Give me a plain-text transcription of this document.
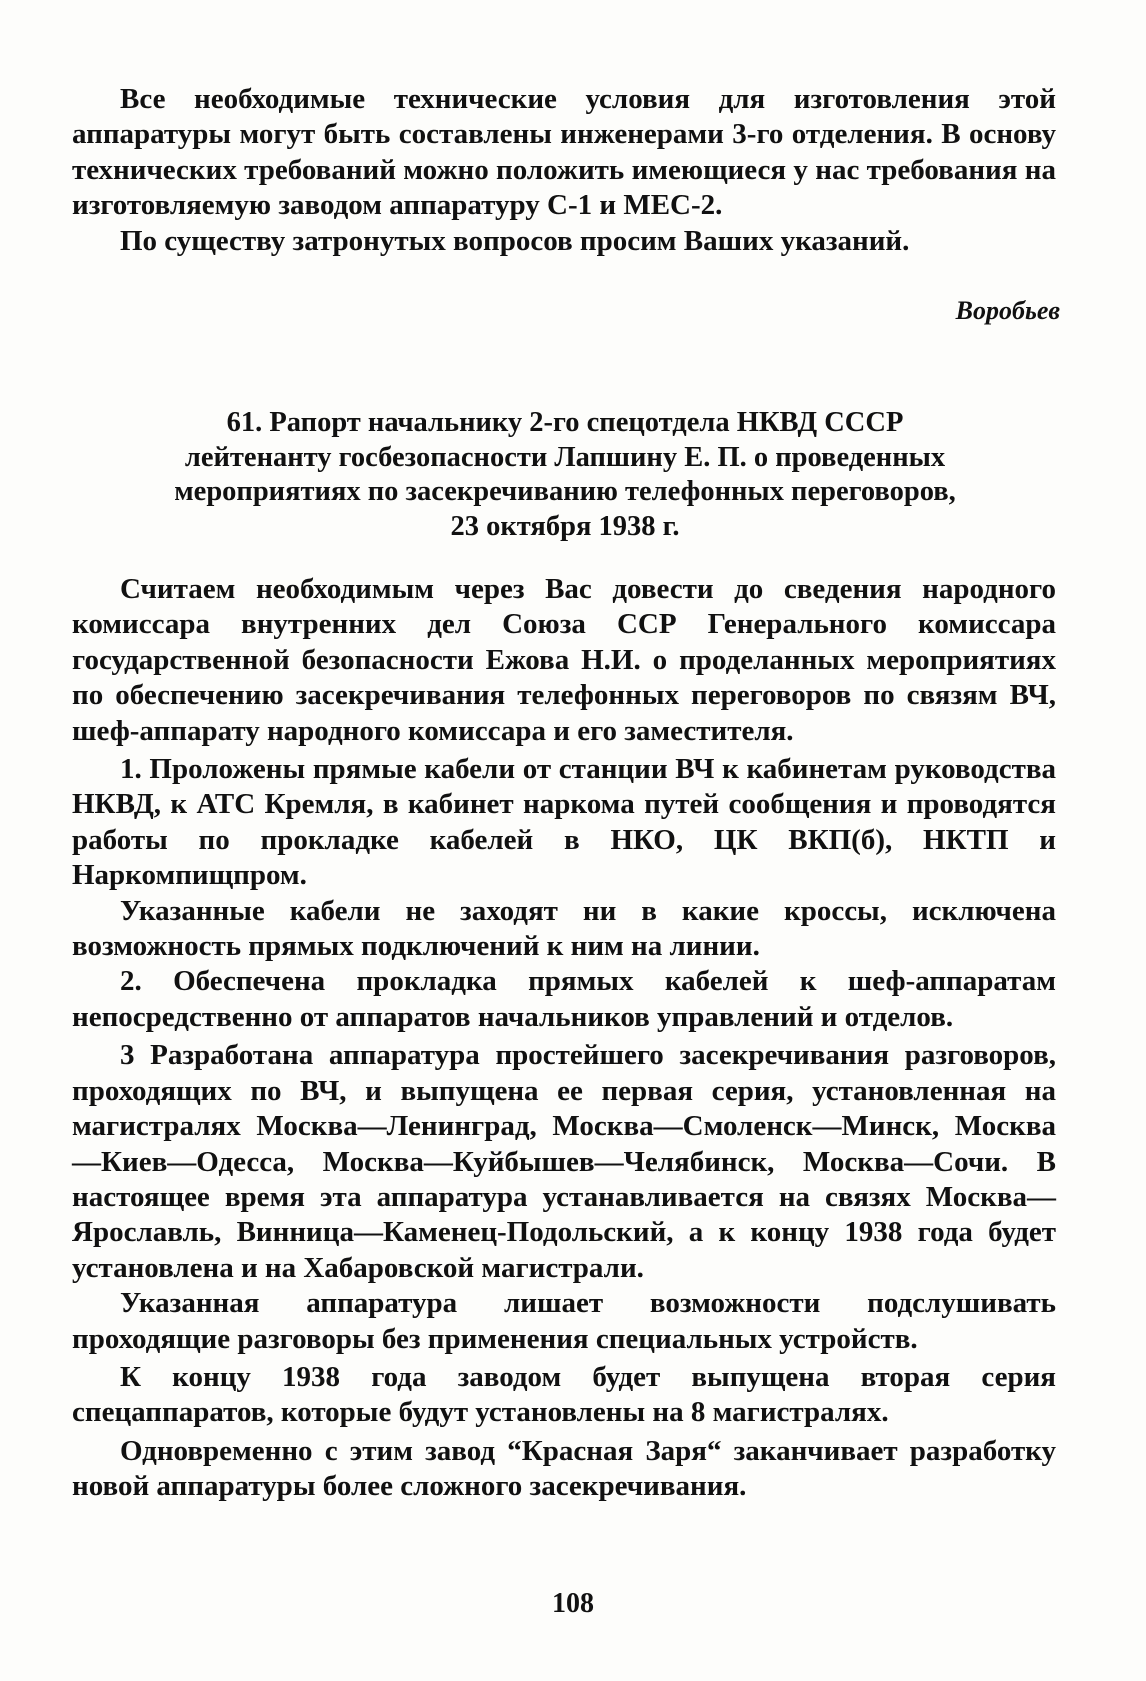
Все необходимые технические условия для изготовления этой аппаратуры могут быть составлены инженерами 3-го отделения. В основу технических требований можно положить имеющиеся у нас требования на изготовляемую заводом аппаратуру С-1 и МЕС-2.

По существу затронутых вопросов просим Ваших указаний.

Воробьев
61. Рапорт начальнику 2-го спецотдела НКВД СССР
лейтенанту госбезопасности Лапшину Е. П. о проведенных
мероприятиях по засекречиванию телефонных переговоров,
23 октября 1938 г.

Считаем необходимым через Вас довести до сведения народного комиссара внутренних дел Союза ССР Генерального комиссара государственной безопасности Ежова Н.И. о проделанных мероприятиях по обеспечению засекречивания телефонных переговоров по связям ВЧ, шеф-аппарату народного комиссара и его заместителя.

1. Проложены прямые кабели от станции ВЧ к кабинетам руководства НКВД, к АТС Кремля, в кабинет наркома путей сообщения и проводятся работы по прокладке кабелей в НКО, ЦК ВКП(б), НКТП и Наркомпищпром.

Указанные кабели не заходят ни в какие кроссы, исключена возможность прямых подключений к ним на линии.

2. Обеспечена прокладка прямых кабелей к шеф-аппаратам непосредственно от аппаратов начальников управлений и отделов.

3 Разработана аппаратура простейшего засекречивания разговоров, проходящих по ВЧ, и выпущена ее первая серия, установленная на магистралях Москва—Ленинград, Москва—Смоленск—Минск, Москва—Киев—Одесса, Москва—Куйбышев—Челябинск, Москва—Сочи. В настоящее время эта аппаратура устанавливается на связях Москва—Ярославль, Винница—Каменец-Подольский, а к концу 1938 года будет установлена и на Хабаровской магистрали.

Указанная аппаратура лишает возможности подслушивать проходящие разговоры без применения специальных устройств.

К концу 1938 года заводом будет выпущена вторая серия спецаппаратов, которые будут установлены на 8 магистралях.

Одновременно с этим завод “Красная Заря“ заканчивает разработку новой аппаратуры более сложного засекречивания.

108
